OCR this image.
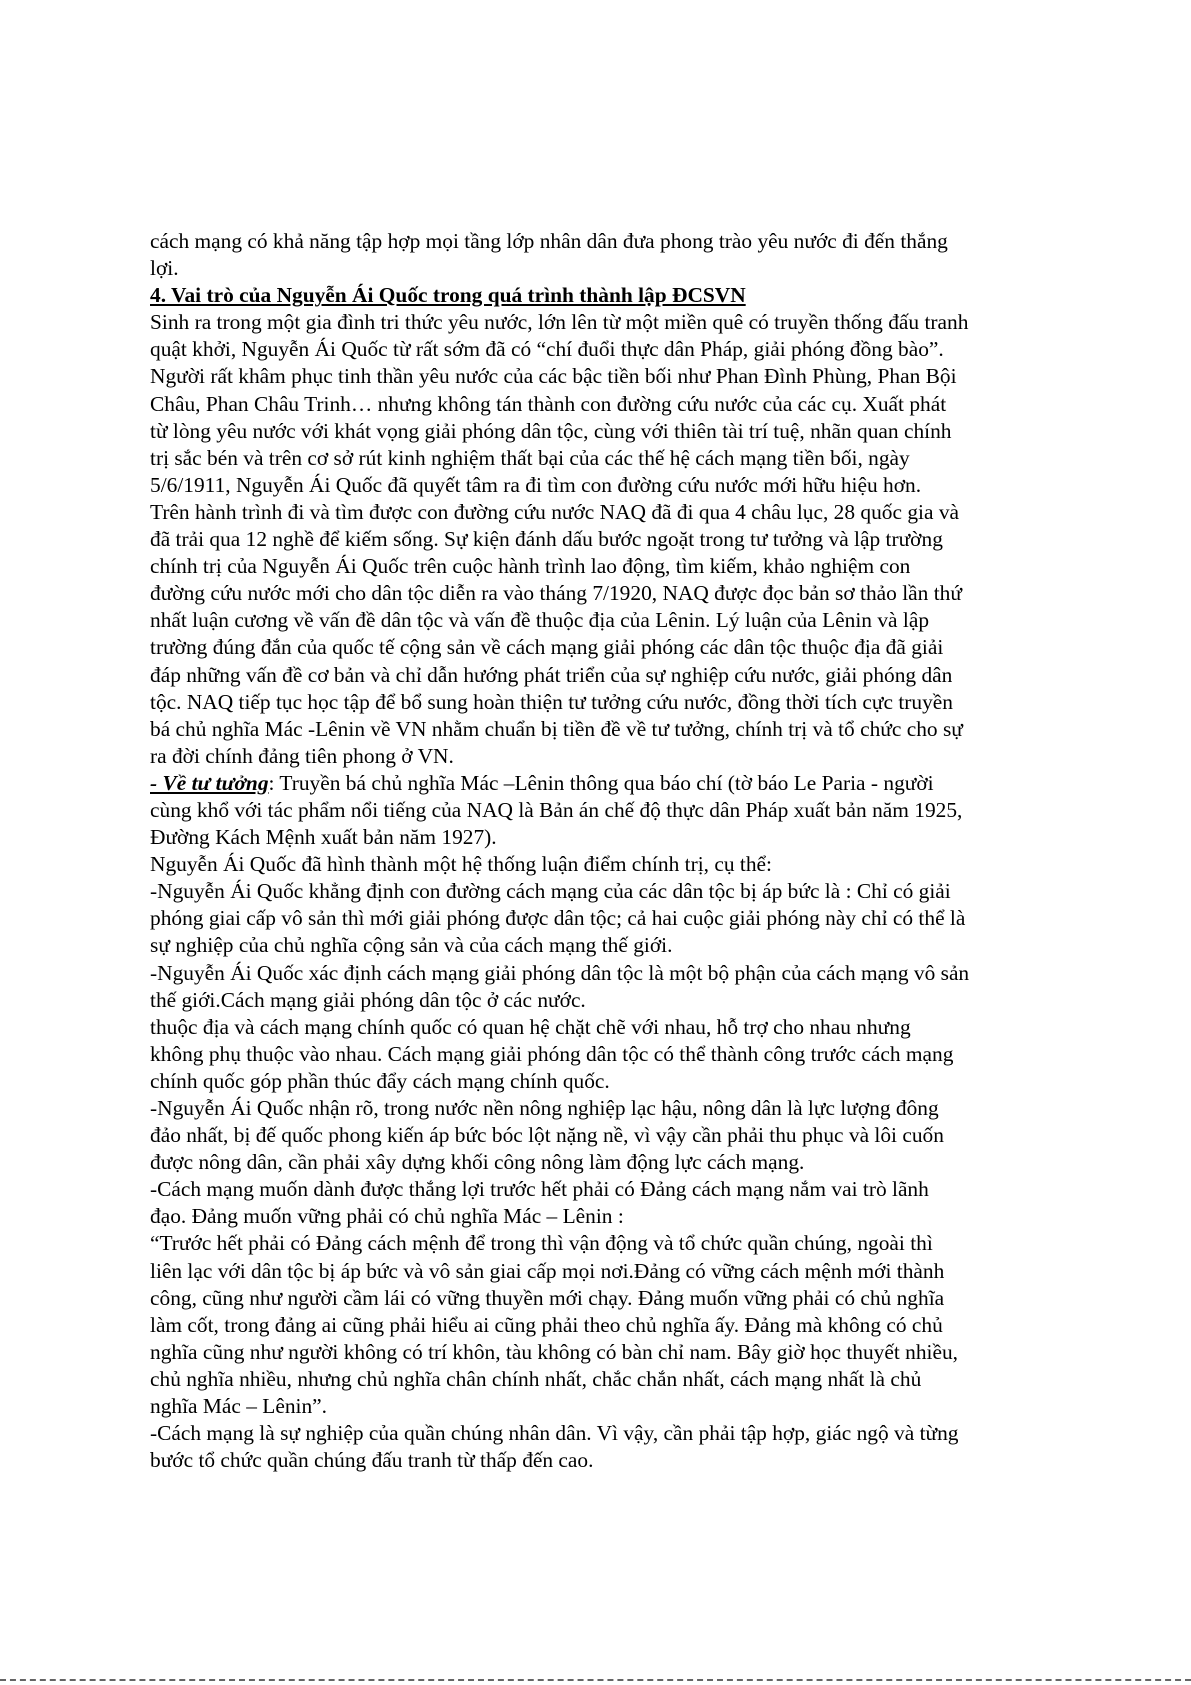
cách mạng có khả năng tập hợp mọi tầng lớp nhân dân đưa phong trào yêu nước đi đến thắng
lợi.
4. Vai trò của Nguyễn Ái Quốc trong quá trình thành lập ĐCSVN
Sinh ra trong một gia đình tri thức yêu nước, lớn lên từ một miền quê có truyền thống đấu tranh
quật khởi, Nguyễn Ái Quốc từ rất sớm đã có “chí đuổi thực dân Pháp, giải phóng đồng bào”.
Người rất khâm phục tinh thần yêu nước của các bậc tiền bối như Phan Đình Phùng, Phan Bội
Châu, Phan Châu Trinh… nhưng không tán thành con đường cứu nước của các cụ. Xuất phát
từ lòng yêu nước với khát vọng giải phóng dân tộc, cùng với thiên tài trí tuệ, nhãn quan chính
trị sắc bén và trên cơ sở rút kinh nghiệm thất bại của các thế hệ cách mạng tiền bối, ngày
5/6/1911, Nguyễn Ái Quốc đã quyết tâm ra đi tìm con đường cứu nước mới hữu hiệu hơn.
Trên hành trình đi và tìm được con đường cứu nước NAQ đã đi qua 4 châu lục, 28 quốc gia và
đã trải qua 12 nghề để kiếm sống. Sự kiện đánh dấu bước ngoặt trong tư tưởng và lập trường
chính trị của Nguyễn Ái Quốc trên cuộc hành trình lao động, tìm kiếm, khảo nghiệm con
đường cứu nước mới cho dân tộc diễn ra vào tháng 7/1920, NAQ được đọc bản sơ thảo lần thứ
nhất luận cương về vấn đề dân tộc và vấn đề thuộc địa của Lênin. Lý luận của Lênin và lập
trường đúng đắn của quốc tế cộng sản về cách mạng giải phóng các dân tộc thuộc địa đã giải
đáp những vấn đề cơ bản và chỉ dẫn hướng phát triển của sự nghiệp cứu nước, giải phóng dân
tộc. NAQ tiếp tục học tập để bổ sung hoàn thiện tư tưởng cứu nước, đồng thời tích cực truyền
bá chủ nghĩa Mác -Lênin về VN nhằm chuẩn bị tiền đề về tư tưởng, chính trị và tổ chức cho sự
ra đời chính đảng tiên phong ở VN.
- Về tư tưởng: Truyền bá chủ nghĩa Mác –Lênin thông qua báo chí (tờ báo Le Paria - người
cùng khổ với tác phẩm nổi tiếng của NAQ là Bản án chế độ thực dân Pháp xuất bản năm 1925,
Đường Kách Mệnh xuất bản năm 1927).
Nguyễn Ái Quốc đã hình thành một hệ thống luận điểm chính trị, cụ thể:
-Nguyễn Ái Quốc khẳng định con đường cách mạng của các dân tộc bị áp bức là : Chỉ có giải
phóng giai cấp vô sản thì mới giải phóng được dân tộc; cả hai cuộc giải phóng này chỉ có thể là
sự nghiệp của chủ nghĩa cộng sản và của cách mạng thế giới.
-Nguyễn Ái Quốc xác định cách mạng giải phóng dân tộc là một bộ phận của cách mạng vô sản
thế giới.Cách mạng giải phóng dân tộc ở các nước.
thuộc địa và cách mạng chính quốc có quan hệ chặt chẽ với nhau, hỗ trợ cho nhau nhưng
không phụ thuộc vào nhau. Cách mạng giải phóng dân tộc có thể thành công trước cách mạng
chính quốc góp phần thúc đẩy cách mạng chính quốc.
-Nguyễn Ái Quốc nhận rõ, trong nước nền nông nghiệp lạc hậu, nông dân là lực lượng đông
đảo nhất, bị đế quốc phong kiến áp bức bóc lột nặng nề, vì vậy cần phải thu phục và lôi cuốn
được nông dân, cần phải xây dựng khối công nông làm động lực cách mạng.
-Cách mạng muốn dành được thắng lợi trước hết phải có Đảng cách mạng nắm vai trò lãnh
đạo. Đảng muốn vững phải có chủ nghĩa Mác – Lênin :
“Trước hết phải có Đảng cách mệnh để trong thì vận động và tổ chức quần chúng, ngoài thì
liên lạc với dân tộc bị áp bức và vô sản giai cấp mọi nơi.Đảng có vững cách mệnh mới thành
công, cũng như người cầm lái có vững thuyền mới chạy. Đảng muốn vững phải có chủ nghĩa
làm cốt, trong đảng ai cũng phải hiểu ai cũng phải theo chủ nghĩa ấy. Đảng mà không có chủ
nghĩa cũng như người không có trí khôn, tàu không có bàn chỉ nam. Bây giờ học thuyết nhiều,
chủ nghĩa nhiều, nhưng chủ nghĩa chân chính nhất, chắc chắn nhất, cách mạng nhất là chủ
nghĩa Mác – Lênin”.
-Cách mạng là sự nghiệp của quần chúng nhân dân. Vì vậy, cần phải tập hợp, giác ngộ và từng
bước tổ chức quần chúng đấu tranh từ thấp đến cao.
